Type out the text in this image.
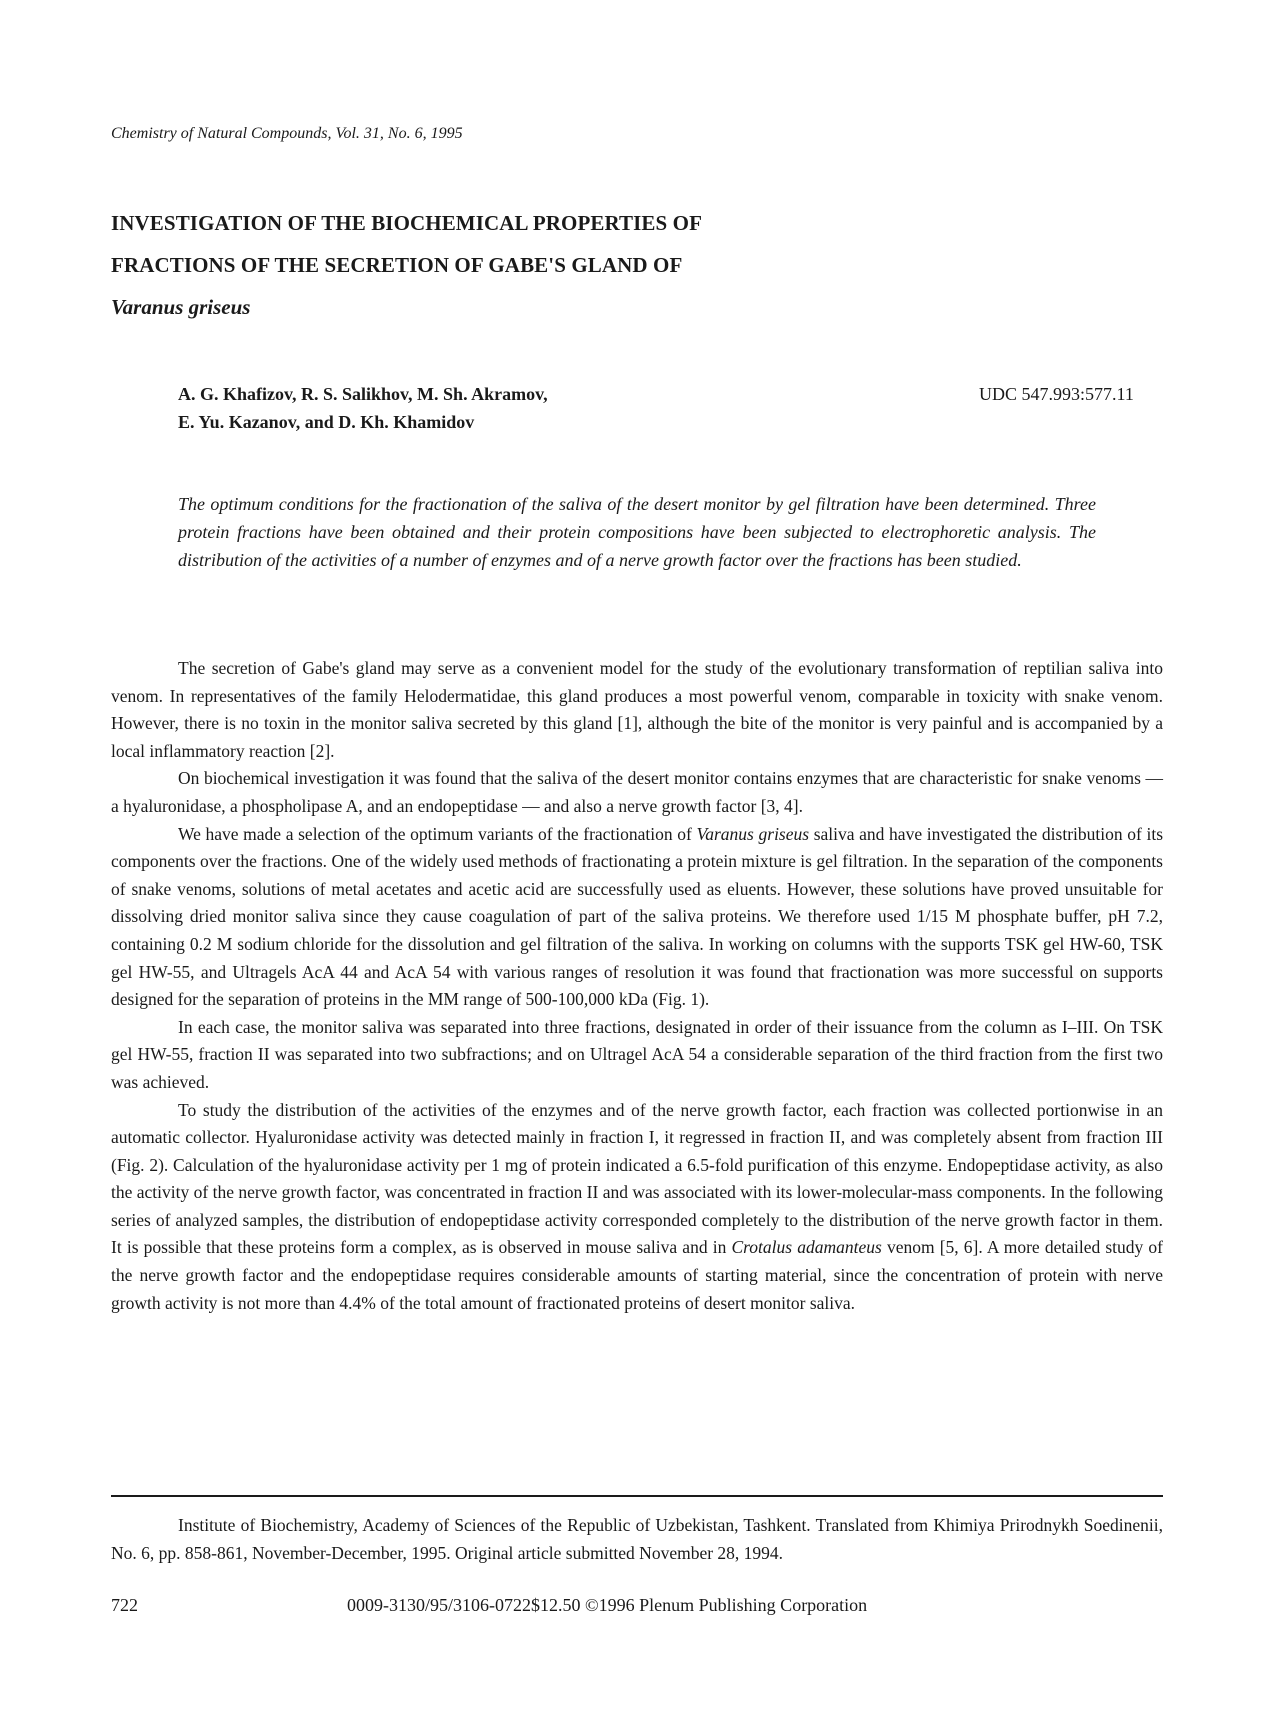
Chemistry of Natural Compounds, Vol. 31, No. 6, 1995
INVESTIGATION OF THE BIOCHEMICAL PROPERTIES OF
FRACTIONS OF THE SECRETION OF GABE'S GLAND OF
Varanus griseus
A. G. Khafizov, R. S. Salikhov, M. Sh. Akramov,
E. Yu. Kazanov, and D. Kh. Khamidov
UDC 547.993:577.11
The optimum conditions for the fractionation of the saliva of the desert monitor by gel filtration have been determined. Three protein fractions have been obtained and their protein compositions have been subjected to electrophoretic analysis. The distribution of the activities of a number of enzymes and of a nerve growth factor over the fractions has been studied.

The secretion of Gabe's gland may serve as a convenient model for the study of the evolutionary transformation of reptilian saliva into venom. In representatives of the family Helodermatidae, this gland produces a most powerful venom, comparable in toxicity with snake venom. However, there is no toxin in the monitor saliva secreted by this gland [1], although the bite of the monitor is very painful and is accompanied by a local inflammatory reaction [2].

On biochemical investigation it was found that the saliva of the desert monitor contains enzymes that are characteristic for snake venoms — a hyaluronidase, a phospholipase A, and an endopeptidase — and also a nerve growth factor [3, 4].

We have made a selection of the optimum variants of the fractionation of Varanus griseus saliva and have investigated the distribution of its components over the fractions. One of the widely used methods of fractionating a protein mixture is gel filtration. In the separation of the components of snake venoms, solutions of metal acetates and acetic acid are successfully used as eluents. However, these solutions have proved unsuitable for dissolving dried monitor saliva since they cause coagulation of part of the saliva proteins. We therefore used 1/15 M phosphate buffer, pH 7.2, containing 0.2 M sodium chloride for the dissolution and gel filtration of the saliva. In working on columns with the supports TSK gel HW-60, TSK gel HW-55, and Ultragels AcA 44 and AcA 54 with various ranges of resolution it was found that fractionation was more successful on supports designed for the separation of proteins in the MM range of 500-100,000 kDa (Fig. 1).

In each case, the monitor saliva was separated into three fractions, designated in order of their issuance from the column as I–III. On TSK gel HW-55, fraction II was separated into two subfractions; and on Ultragel AcA 54 a considerable separation of the third fraction from the first two was achieved.

To study the distribution of the activities of the enzymes and of the nerve growth factor, each fraction was collected portionwise in an automatic collector. Hyaluronidase activity was detected mainly in fraction I, it regressed in fraction II, and was completely absent from fraction III (Fig. 2). Calculation of the hyaluronidase activity per 1 mg of protein indicated a 6.5-fold purification of this enzyme. Endopeptidase activity, as also the activity of the nerve growth factor, was concentrated in fraction II and was associated with its lower-molecular-mass components. In the following series of analyzed samples, the distribution of endopeptidase activity corresponded completely to the distribution of the nerve growth factor in them. It is possible that these proteins form a complex, as is observed in mouse saliva and in Crotalus adamanteus venom [5, 6]. A more detailed study of the nerve growth factor and the endopeptidase requires considerable amounts of starting material, since the concentration of protein with nerve growth activity is not more than 4.4% of the total amount of fractionated proteins of desert monitor saliva.

Institute of Biochemistry, Academy of Sciences of the Republic of Uzbekistan, Tashkent. Translated from Khimiya Prirodnykh Soedinenii, No. 6, pp. 858-861, November-December, 1995. Original article submitted November 28, 1994.

722	0009-3130/95/3106-0722$12.50 ©1996 Plenum Publishing Corporation
